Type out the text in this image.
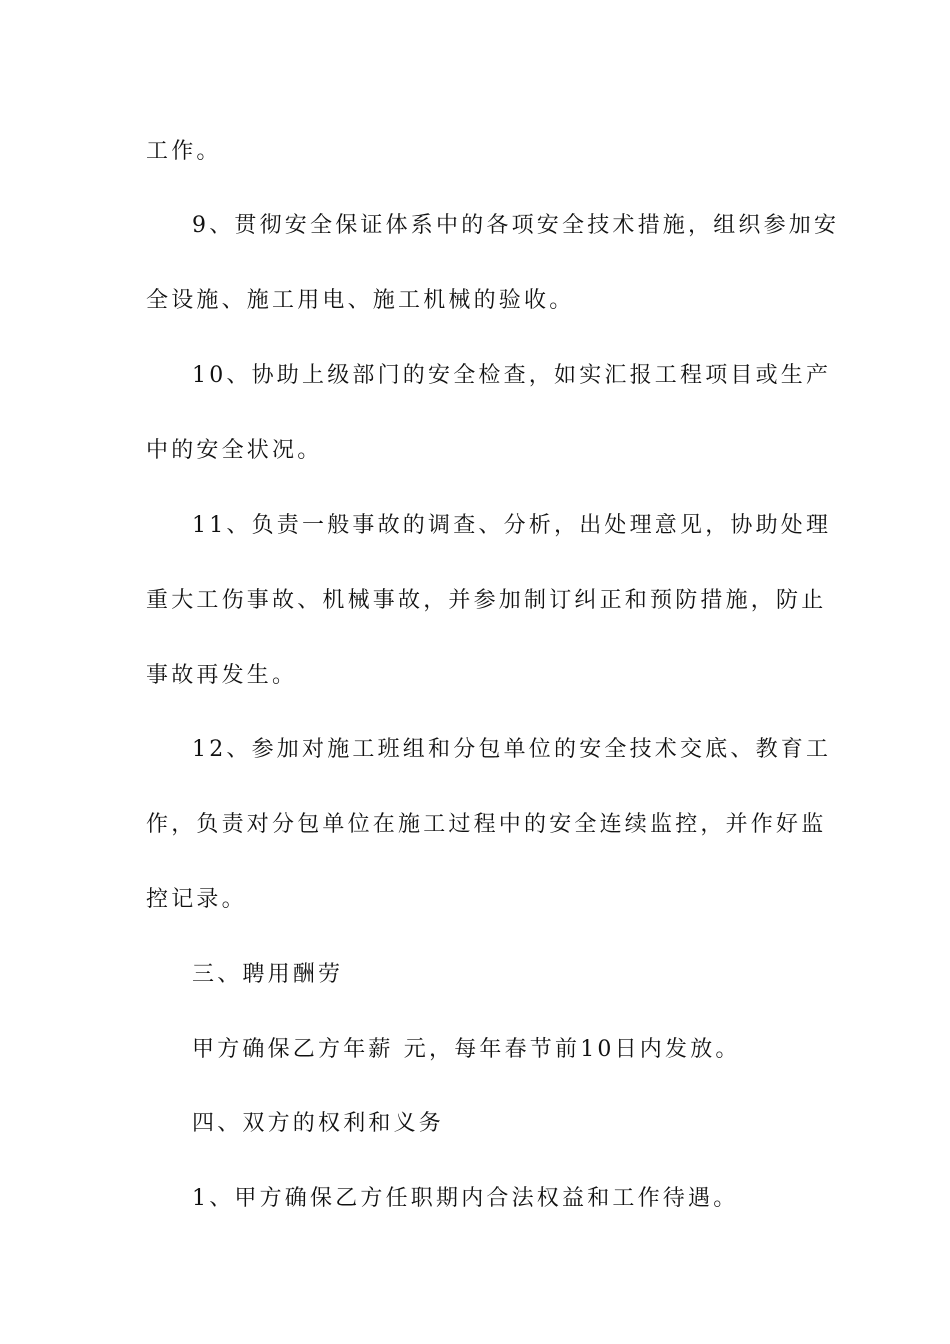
工作。
9、贯彻安全保证体系中的各项安全技术措施，组织参加安
全设施、施工用电、施工机械的验收。
10、协助上级部门的安全检查，如实汇报工程项目或生产
中的安全状况。
11、负责一般事故的调查、分析，出处理意见，协助处理
重大工伤事故、机械事故，并参加制订纠正和预防措施，防止
事故再发生。
12、参加对施工班组和分包单位的安全技术交底、教育工
作，负责对分包单位在施工过程中的安全连续监控，并作好监
控记录。
三、聘用酬劳
甲方确保乙方年薪 元，每年春节前10日内发放。
四、双方的权利和义务
1、甲方确保乙方任职期内合法权益和工作待遇。
